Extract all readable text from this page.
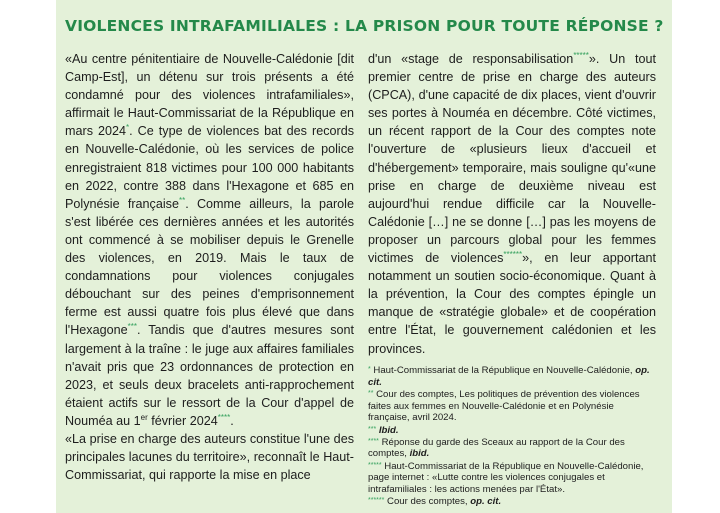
VIOLENCES INTRAFAMILIALES : LA PRISON POUR TOUTE RÉPONSE ?

«Au centre pénitentiaire de Nouvelle-Calédonie [dit Camp-Est], un détenu sur trois présents a été condamné pour des violences intrafamiliales», affirmait le Haut-Commissariat de la République en mars 2024*. Ce type de violences bat des records en Nouvelle-Calédonie, où les services de police enregistraient 818 victimes pour 100 000 habitants en 2022, contre 388 dans l'Hexagone et 685 en Polynésie française**. Comme ailleurs, la parole s'est libérée ces dernières années et les autorités ont commencé à se mobiliser depuis le Grenelle des violences, en 2019. Mais le taux de condamnations pour violences conjugales débouchant sur des peines d'emprisonnement ferme est aussi quatre fois plus élevé que dans l'Hexagone***. Tandis que d'autres mesures sont largement à la traîne : le juge aux affaires familiales n'avait pris que 23 ordonnances de protection en 2023, et seuls deux bracelets anti-rapprochement étaient actifs sur le ressort de la Cour d'appel de Nouméa au 1er février 2024****.

«La prise en charge des auteurs constitue l'une des principales lacunes du territoire», reconnaît le Haut-Commissariat, qui rapporte la mise en place

d'un «stage de responsabilisation*****». Un tout premier centre de prise en charge des auteurs (CPCA), d'une capacité de dix places, vient d'ouvrir ses portes à Nouméa en décembre. Côté victimes, un récent rapport de la Cour des comptes note l'ouverture de «plusieurs lieux d'accueil et d'hébergement» temporaire, mais souligne qu'«une prise en charge de deuxième niveau est aujourd'hui rendue difficile car la Nouvelle-Calédonie […] ne se donne […] pas les moyens de proposer un parcours global pour les femmes victimes de violences******», en leur apportant notamment un soutien socio-économique. Quant à la prévention, la Cour des comptes épingle un manque de «stratégie globale» et de coopération entre l'État, le gouvernement calédonien et les provinces.

* Haut-Commissariat de la République en Nouvelle-Calédonie, op. cit.

** Cour des comptes, Les politiques de prévention des violences faites aux femmes en Nouvelle-Calédonie et en Polynésie française, avril 2024.

*** Ibid.

**** Réponse du garde des Sceaux au rapport de la Cour des comptes, ibid.

***** Haut-Commissariat de la République en Nouvelle-Calédonie, page internet : «Lutte contre les violences conjugales et intrafamiliales : les actions menées par l'État».

****** Cour des comptes, op. cit.
